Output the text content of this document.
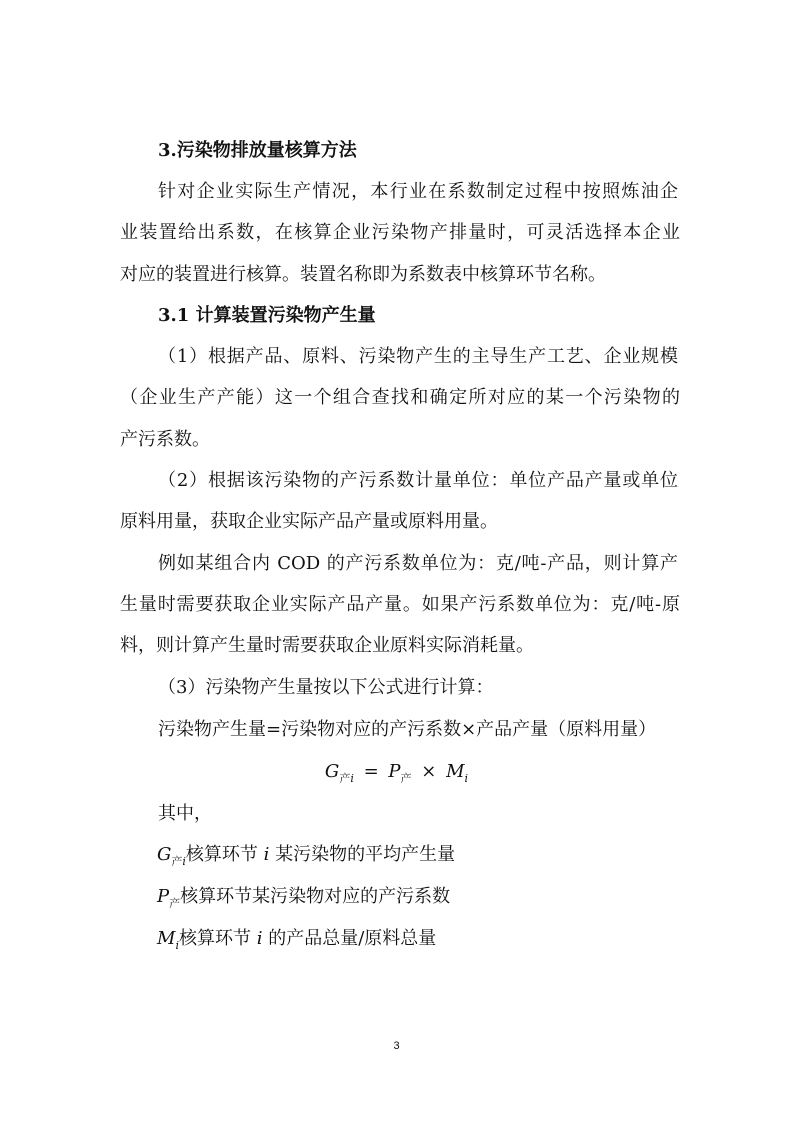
3.污染物排放量核算方法
针对企业实际生产情况，本行业在系数制定过程中按照炼油企
业装置给出系数，在核算企业污染物产排量时，可灵活选择本企业
对应的装置进行核算。装置名称即为系数表中核算环节名称。
3.1 计算装置污染物产生量
（1）根据产品、原料、污染物产生的主导生产工艺、企业规模
（企业生产产能）这一个组合查找和确定所对应的某一个污染物的
产污系数。
（2）根据该污染物的产污系数计量单位：单位产品产量或单位
原料用量，获取企业实际产品产量或原料用量。
例如某组合内 COD 的产污系数单位为：克/吨-产品，则计算产
生量时需要获取企业实际产品产量。如果产污系数单位为：克/吨-原
料，则计算产生量时需要获取企业原料实际消耗量。
（3）污染物产生量按以下公式进行计算：
污染物产生量=污染物对应的产污系数×产品产量（原料用量）
$G_{产i} = P_产 \times M_i$
其中，
$G_{产i}$核算环节 i 某污染物的平均产生量
$P_产$核算环节某污染物对应的产污系数
$M_i$核算环节 i 的产品总量/原料总量
3
